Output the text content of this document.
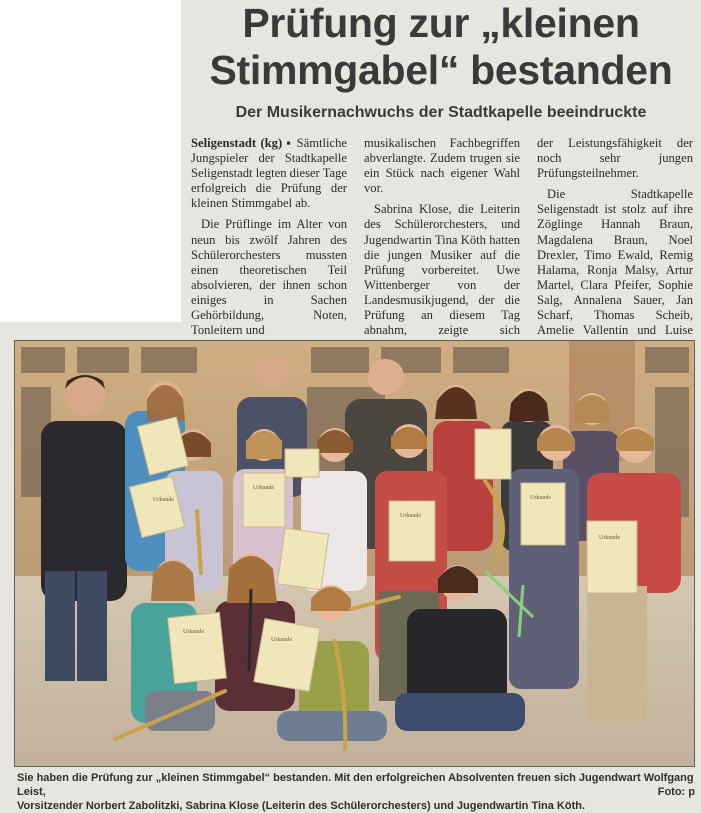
Prüfung zur „kleinen
Stimmgabel“ bestanden
Der Musikernachwuchs der Stadtkapelle beeindruckte

Seligenstadt (kg) ▪ Sämtliche Jungspieler der Stadtkapelle Seligenstadt legten dieser Tage erfolgreich die Prüfung der kleinen Stimmgabel ab.

Die Prüflinge im Alter von neun bis zwölf Jahren des Schülerorchesters mussten einen theoretischen Teil absolvieren, der ihnen schon einiges in Sachen Gehörbildung, Noten, Tonleitern und

musikalischen Fachbegriffen abverlangte. Zudem trugen sie ein Stück nach eigener Wahl vor.

Sabrina Klose, die Leiterin des Schülerorchesters, und Jugendwartin Tina Köth hatten die jungen Musiker auf die Prüfung vorbereitet. Uwe Wittenberger von der Landesmusikjugend, der die Prüfung an diesem Tag abnahm, zeigte sich

der Leistungsfähigkeit der noch sehr jungen Prüfungsteilnehmer.

Die Stadtkapelle Seligenstadt ist stolz auf ihre Zöglinge Hannah Braun, Magdalena Braun, Noel Drexler, Timo Ewald, Remig Halama, Ronja Malsy, Artur Martel, Clara Pfeifer, Sophie Salg, Annalena Sauer, Jan Scharf, Thomas Scheib, Amelie Vallentin und Luise

Urkunde
Urkunde
Urkunde
Urkunde
Urkunde
Urkunde
Urkunde
Sie haben die Prüfung zur „kleinen Stimmgabel“ bestanden. Mit den erfolgreichen Absolventen freuen sich Jugendwart Wolfgang Leist,
Vorsitzender Norbert Zabolitzki, Sabrina Klose (Leiterin des Schülerorchesters) und Jugendwartin Tina Köth.
Foto: p
